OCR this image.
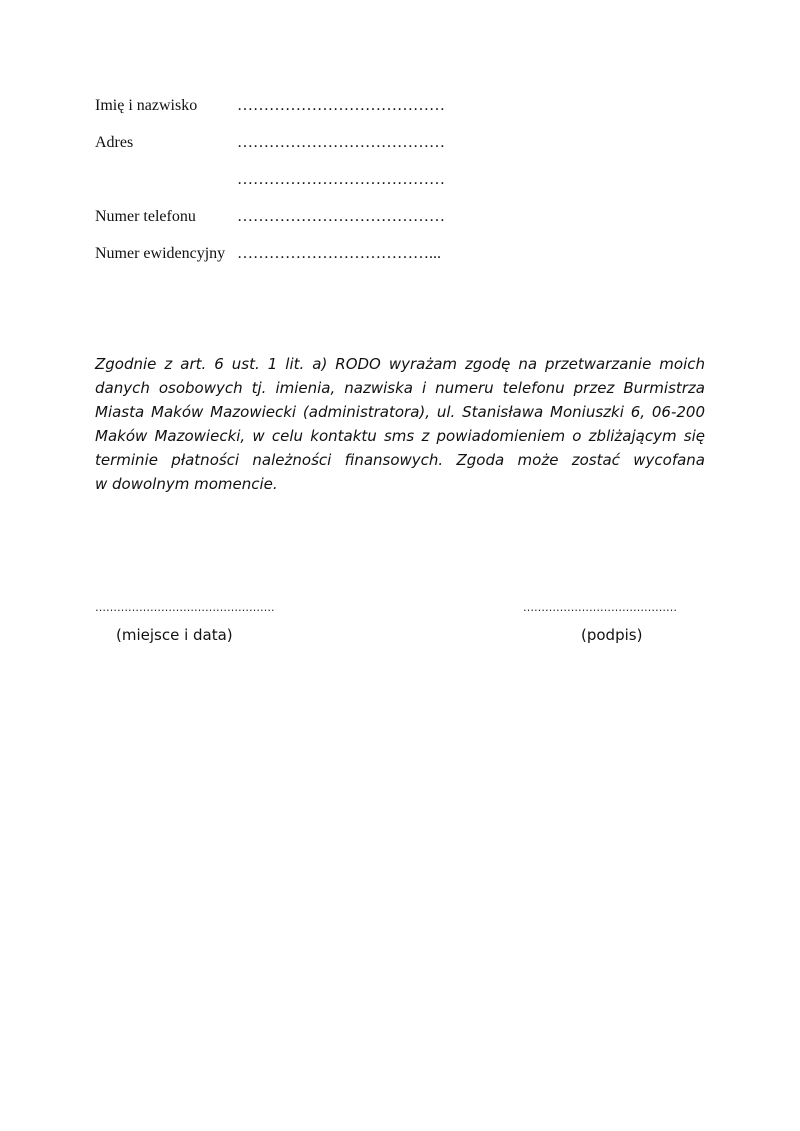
Imię i nazwisko …………………………………
Adres	…………………………………
…………………………………
Numer telefonu	…………………………………
Numer ewidencyjny ………………………………...

Zgodnie z art. 6 ust. 1 lit. a) RODO wyrażam zgodę na przetwarzanie moich
danych osobowych tj. imienia, nazwiska i numeru telefonu przez Burmistrza
Miasta Maków Mazowiecki (administratora), ul. Stanisława Moniuszki 6, 06-200
Maków Mazowiecki, w celu kontaktu sms z powiadomieniem o zbliżającym się
terminie płatności należności finansowych. Zgoda może zostać wycofana
w dowolnym momencie.

………………………………………….
(miejsce i data)
……………………………………
(podpis)
